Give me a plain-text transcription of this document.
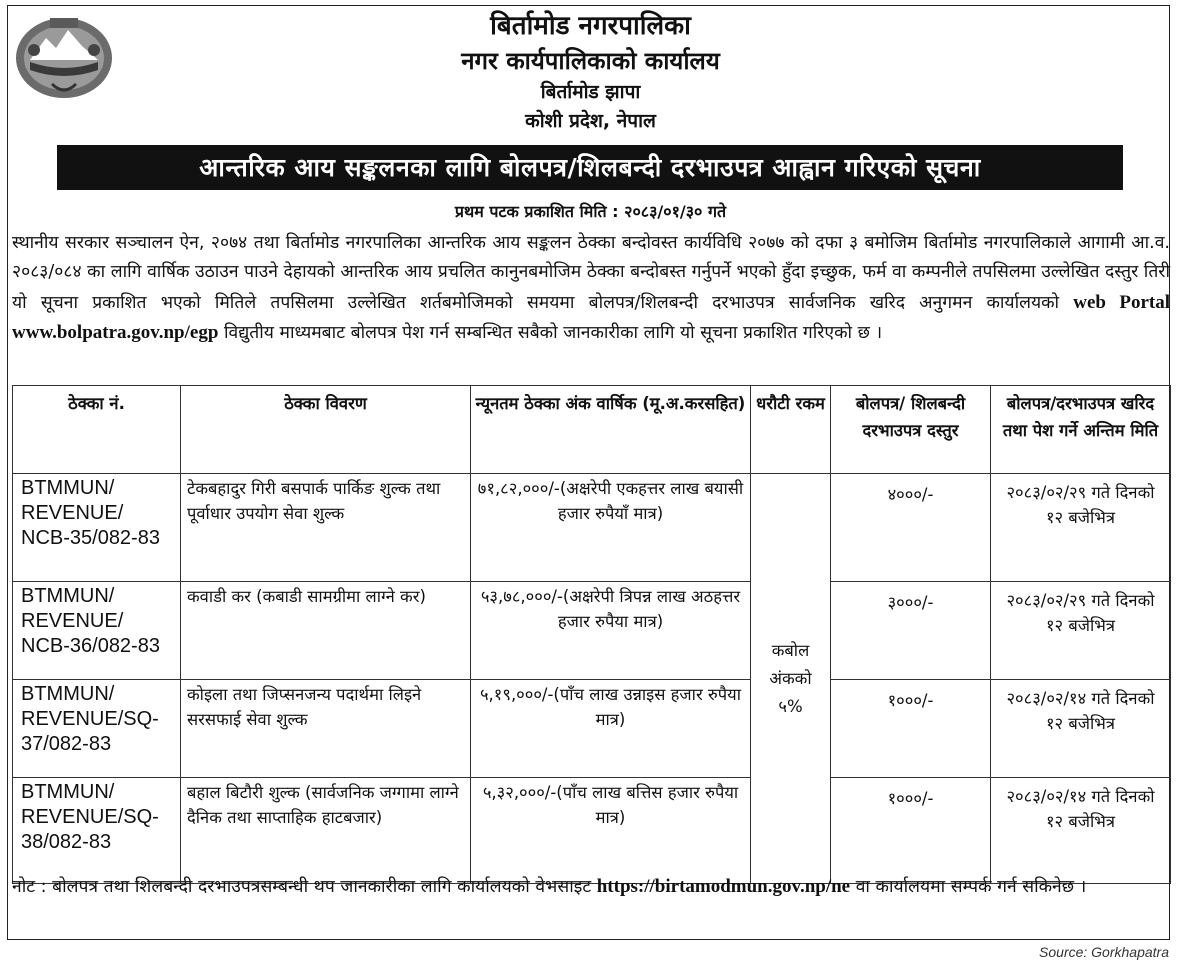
बिर्तामोड नगरपालिका
नगर कार्यपालिकाको कार्यालय
बिर्तामोड झापा
कोशी प्रदेश, नेपाल
आन्तरिक आय सङ्कलनका लागि बोलपत्र/शिलबन्दी दरभाउपत्र आह्वान गरिएको सूचना
प्रथम पटक प्रकाशित मिति : २०८३/०१/३० गते
स्थानीय सरकार सञ्चालन ऐन, २०७४ तथा बिर्तामोड नगरपालिका आन्तरिक आय सङ्कलन ठेक्का बन्दोवस्त कार्यविधि २०७७ को दफा ३ बमोजिम बिर्तामोड नगरपालिकाले आगामी आ.व. २०८३/०८४ का लागि वार्षिक उठाउन पाउने देहायको आन्तरिक आय प्रचलित कानुनबमोजिम ठेक्का बन्दोबस्त गर्नुपर्ने भएको हुँदा इच्छुक, फर्म वा कम्पनीले तपसिलमा उल्लेखित दस्तुर तिरी यो सूचना प्रकाशित भएको मितिले तपसिलमा उल्लेखित शर्तबमोजिमको समयमा बोलपत्र/शिलबन्दी दरभाउपत्र सार्वजनिक खरिद अनुगमन कार्यालयको web Portal www.bolpatra.gov.np/egp विद्युतीय माध्यमबाट बोलपत्र पेश गर्न सम्बन्धित सबैको जानकारीका लागि यो सूचना प्रकाशित गरिएको छ ।
ठेक्का नं.	ठेक्का विवरण	न्यूनतम ठेक्का अंक वार्षिक (मू.अ.करसहित)	धरौटी रकम	बोलपत्र/ शिलबन्दी दरभाउपत्र दस्तुर	बोलपत्र/दरभाउपत्र खरिद तथा पेश गर्ने अन्तिम मिति
BTMMUN/ REVENUE/ NCB-35/082-83	टेकबहादुर गिरी बसपार्क पार्किङ शुल्क तथा पूर्वाधार उपयोग सेवा शुल्क	७१,८२,०००/-(अक्षरेपी एकहत्तर लाख बयासी हजार रुपैयाँ मात्र)	कबोल अंकको ५%	४०००/-	२०८३/०२/२९ गते दिनको १२ बजेभित्र
BTMMUN/ REVENUE/ NCB-36/082-83	कवाडी कर (कबाडी सामग्रीमा लाग्ने कर)	५३,७८,०००/-(अक्षरेपी त्रिपन्न लाख अठहत्तर हजार रुपैया मात्र)		३०००/-	२०८३/०२/२९ गते दिनको १२ बजेभित्र
BTMMUN/ REVENUE/SQ-37/082-83	कोइला तथा जिप्सनजन्य पदार्थमा लिइने सरसफाई सेवा शुल्क	५,१९,०००/-(पाँच लाख उन्नाइस हजार रुपैया मात्र)		१०००/-	२०८३/०२/१४ गते दिनको १२ बजेभित्र
BTMMUN/ REVENUE/SQ-38/082-83	बहाल बिटौरी शुल्क (सार्वजनिक जग्गामा लाग्ने दैनिक तथा साप्ताहिक हाटबजार)	५,३२,०००/-(पाँच लाख बत्तिस हजार रुपैया मात्र)		१०००/-	२०८३/०२/१४ गते दिनको १२ बजेभित्र
नोट : बोलपत्र तथा शिलबन्दी दरभाउपत्रसम्बन्धी थप जानकारीका लागि कार्यालयको वेभसाइट https://birtamodmun.gov.np/ne वा कार्यालयमा सम्पर्क गर्न सकिनेछ ।
Source: Gorkhapatra
